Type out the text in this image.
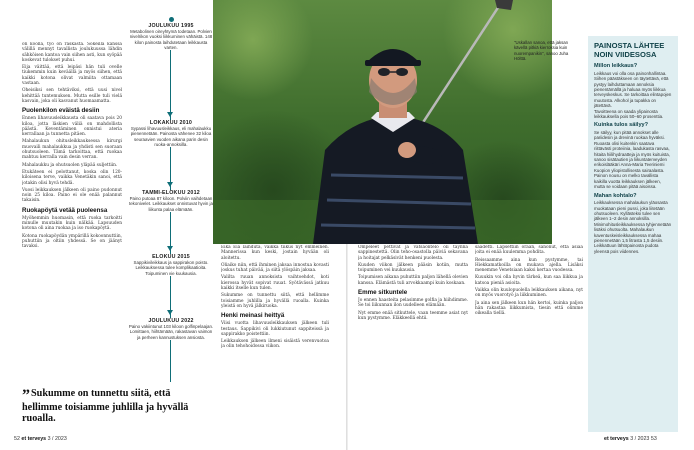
on koolla, työ on raskasta. Sokeilla kanssa välillä mennyt tavallista joulukuussa lähdin sähköisen kantoa vain siihen asti, kun syöpää koskevat tulokset puhui.

Eija väittää, että leipäsi hän tuli ovelle tiukemmin kuin keväällä ja myös siihen, että kaikki kotona olivat valmiita ottamaan vastaan.

Oheisiksi sen tehtäviksi, että uusi nivel kehittää tuntemuksen. Mutta esille tuli vielä kasvain, joka oli kasvanut huomaamatta.

Puolenkilon eväistä desiin

Ennen lihavuusleikkausta oli saatava pois 20 kiloa, jotta läskien väliä on mahdollista päästä. Keventäminen onnistui ateria kerrallaan ja tunnetta pitäen.

Mahalaukun ohitusleikkauksessa kirurgi muovaili mahalaukkua ja yhdisti sen suoraan ohutsuoleen. Tämä tarkoittaa, että ruokaa mahtuu kerralla vain desin verran.

Mahalaukku ja ohutsuolen yläpää suljettiin.

Etukäteen ei pelottanut, koska olin 120-kiloisena terve, vaikka Venetäkin sanoi, että jotakin olisi hyvä tehdä.

Vuosi leikkauksen jälkeen oli paino pudonnut noin 25 kiloa. Paino ei ole enää palannut takaisin.

Ruokapöytä vetää puoleensa

Myöhemmin huomasin, että ruoka tarkoitti minulle muutakin kuin nälkää. Lapsuuden kotona oli aina ruokaa ja iso ruokapöytä.

Kotona ruokapöydän ympärillä kokoonnuttiin, puhuttiin ja oltiin yhdessä. Se on jäänyt tavaksi.

”Sukumme on tunnettu siitä, että hellimme toisiamme juhlilla ja hyvällä ruoalla.
JOULUKUU 1995
Metabolinen oireyhtymä todetaan. Polvien nivelrikon vuoksi liikkuminen vähäistä. 148 kilon painosta laihdutetaan leikkausta varten.
LOKAKUU 2010
Sypassi lihavuusleikkaus, eli mahalaukku pienennetään. Painosta vähenee 32 kiloa seuraavien vuoden aikana parin desin ruoka-annoksilla.
TAMMI-ELOKUU 2012
Paino putoaa 87 kiloon. Polviin vaihdetaan tekonivelet. Leikkaukset onnistuvat hyvin ja liikunta palaa elämään.
ELOKUU 2015
Sappikivileikkaus ja sappirakon poisto. Leikkauksessa tulee komplikaatioita. Toipuminen vie kuukausia.
JOULUKUU 2022
Paino vakiintunut 103 kiloon golfinpelaajan. Lomittaen, hiihtämään, rakastavan vaimon ja perheen kannustuksen ansiosta.
"Uskallan sanoa, että jaksan kävellä pitkiä kierroksia kuin nuorempanikin", sanoo Juha Hölttä.

Eikä Eiä laihduta, vaikka tiikus nyt emmeinen. Mannerissa kun keski, jostain hyvään oli aloitettu.

Oliaiko niin, että ihminen jaksaa innostua kovasti joskus tuhat päivää, ja siitä ylöspäin jaksaa.

Valilta ruuan annoksista vaihtoehdot, koti kierossa hyvät sopivat ruuat. Syötävässä jatkuu kaikki itselle kun tulen.

Sukumme on tunnettu siitä, että hellimme toisiamme juhlilla ja hyvällä ruoalla. Kuinka yleistä on hyvä jälkiruoka.

Henki meinasi heittyä

Viisi vuotta lihavuusleikkauksen jälkeen tuli testaus. Sappikivi oli lukkiutunut sappiteissä ja sappirakko poistettiin.

Leikkauksen jälkeen ilmeni sisäistä verenvuotoa ja olin tehohoidossa viikon.

Ompeleet pettivät ja vatsaontelo oli täynnä sappinestettä. Olin teho-osastolla päiviä sekavana ja hoitajat pelkäsivät henkeni puolesta.

Kuuden viikon jälkeen pääsin kotiin, mutta toipuminen vei kuukausia.

Toipumisen aikana puhuttiin paljon lähellä olevien kanssa. Elämästä tuli arvokkaampi kuin koskaan.

Emme sitkuntele

Jo ennen haasteita pelasimme golfia ja hiihdimme. Se toi liikunnan ilon uudelleen elämään.

Nyt emme enää sitkuttele, vaan teemme asiat nyt kun pystymme. Eläkkeellä ehtii.

säädetti. Lapsettiin oraan, sanonut, että asiaa joita ei enää kuulemma pohdita.

Reissaamme aina kun pystymme, tai Hiekkamatkoilla on mukava ajella. Lisäksi menemme Venetsiaan kaksi kertaa vuodessa.

Kuuukin voi olla hyvin tärkeä, kun saa liikkua ja katsoa pieniä asioita.

Vaikka olin kuulopuolella leikkauksen aikana, nyt on myös vuorotyö ja liikkuminen.

Ja aina sen jälkeen kun hän kertoi, kuinka paljon hän rakastaa liikkumista, tiesin että olimme oikealla tiellä.

PAINOSTA LÄHTEE NOIN VIIDESOSA
Millon leikkaus?
Leikkaus voi olla osa painonhallintaa. Siihen päästäkseen on täytettävä, että pystyy laihduttamaan annoksia pienentämällä ja haluaa myös liikkua terveyskeskus. Se tarkoittaa elintapojen muutosta. Alkohol ja tupakka on jätettävä.
Tavoitteena on saada ylipainosta leikkauksella pois 50–60 prosenttia.
Kuinka tulos säilyy?
Se säilyy, kun pitää annokset alle pariidesin ja drevinä ruokaa hyväksi. Ruoasta olisi kuitenkin saatava riittävästi proteiinia, laadukasta rasvaa, hitaita hiilihydraatteja ja myös kuituista, sanoo sisätautien ja liikuntaterveyden erikoislääkäri Anna-Maria Teeriniemi Kuopion yliopistollisesta sairaalasta.
Painon nousu on melko tavallista kaikilla vuotta leikkauksen jälkeen, mutta se voidaan pitää aisoissa.
Mahan kohtalo?
Leikkauksessa mahalaukun yläosasta muokataan pieni pussi, joka liitetään ohutsuoleen. Kyllästeksi tulee sen jälkeen 1–2 desin annoksilla.
Minimohitusleikkauksessa tyhjennetään lisäksi ohutsuolta. Mahalaukun kaventuskeisleikkauksessa mahaa pienennetään 1,5 litrasta 1,5 desiin.
Leikkattuun lähtöpainosta pudota yleensä pois viidennes.
52 et terveys 3 / 2023	et terveys 3 / 2023 53
